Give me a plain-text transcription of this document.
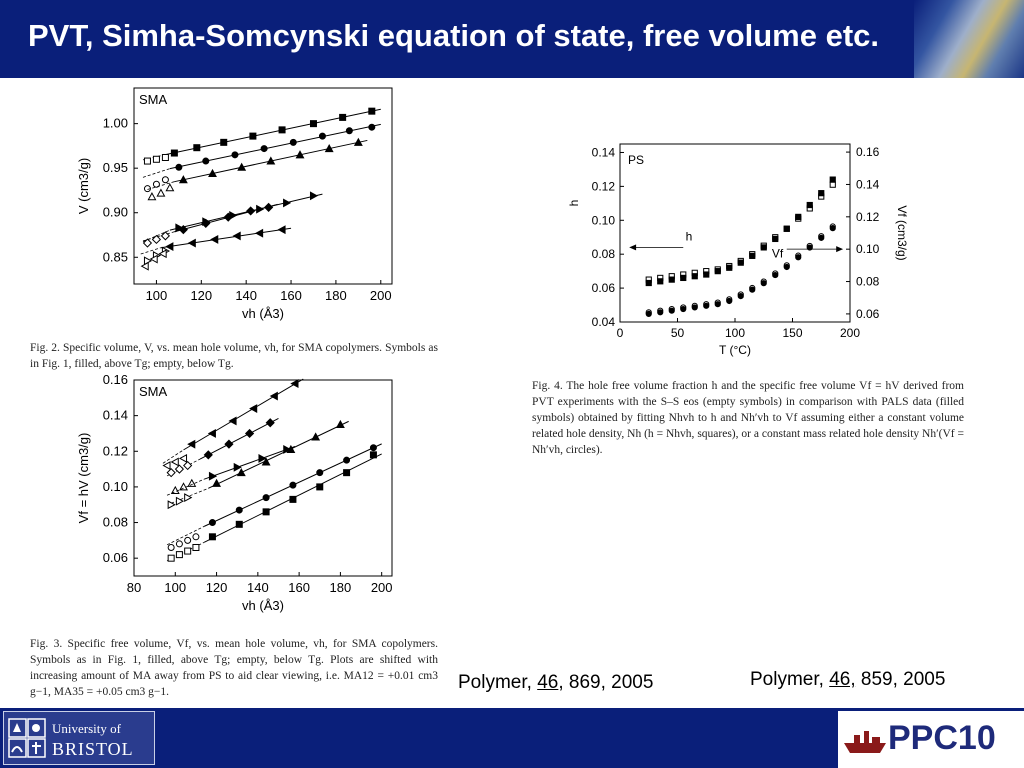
PVT, Simha-Somcynski equation of state, free volume etc.
100 120 140 160 180 200
0.85
0.90
0.95
1.00
SMA
vh (Å3)
V (cm3/g)
Fig. 2. Specific volume, V, vs. mean hole volume, vh, for SMA copolymers. Symbols as in Fig. 1, filled, above Tg; empty, below Tg.
80 100 120 140 160 180 200
0.06
0.08
0.10
0.12
0.14
0.16
SMA
vh (Å3)
Vf = hV (cm3/g)
Fig. 3. Specific free volume, Vf, vs. mean hole volume, vh, for SMA copolymers. Symbols as in Fig. 1, filled, above Tg; empty, below Tg. Plots are shifted with increasing amount of MA away from PS to aid clear viewing, i.e. MA12 = +0.01 cm3 g−1, MA35 = +0.05 cm3 g−1.
0	50	100	150	200
0.04
0.06
0.08
0.10
0.12
0.14
0.06
0.08
0.10
0.12
0.14
0.16
PS
T (°C)
h
Vf (cm3/g)
h
Vf
Fig. 4. The hole free volume fraction h and the specific free volume Vf = hV derived from PVT experiments with the S–S eos (empty symbols) in comparison with PALS data (filled symbols) obtained by fitting Nhvh to h and Nh′vh to Vf assuming either a constant volume related hole density, Nh (h = Nhvh, squares), or a constant mass related hole density Nh′(Vf = Nh′vh, circles).
Polymer, 46, 869, 2005	Polymer, 46, 859, 2005
University of
BRISTOL	PPC10
